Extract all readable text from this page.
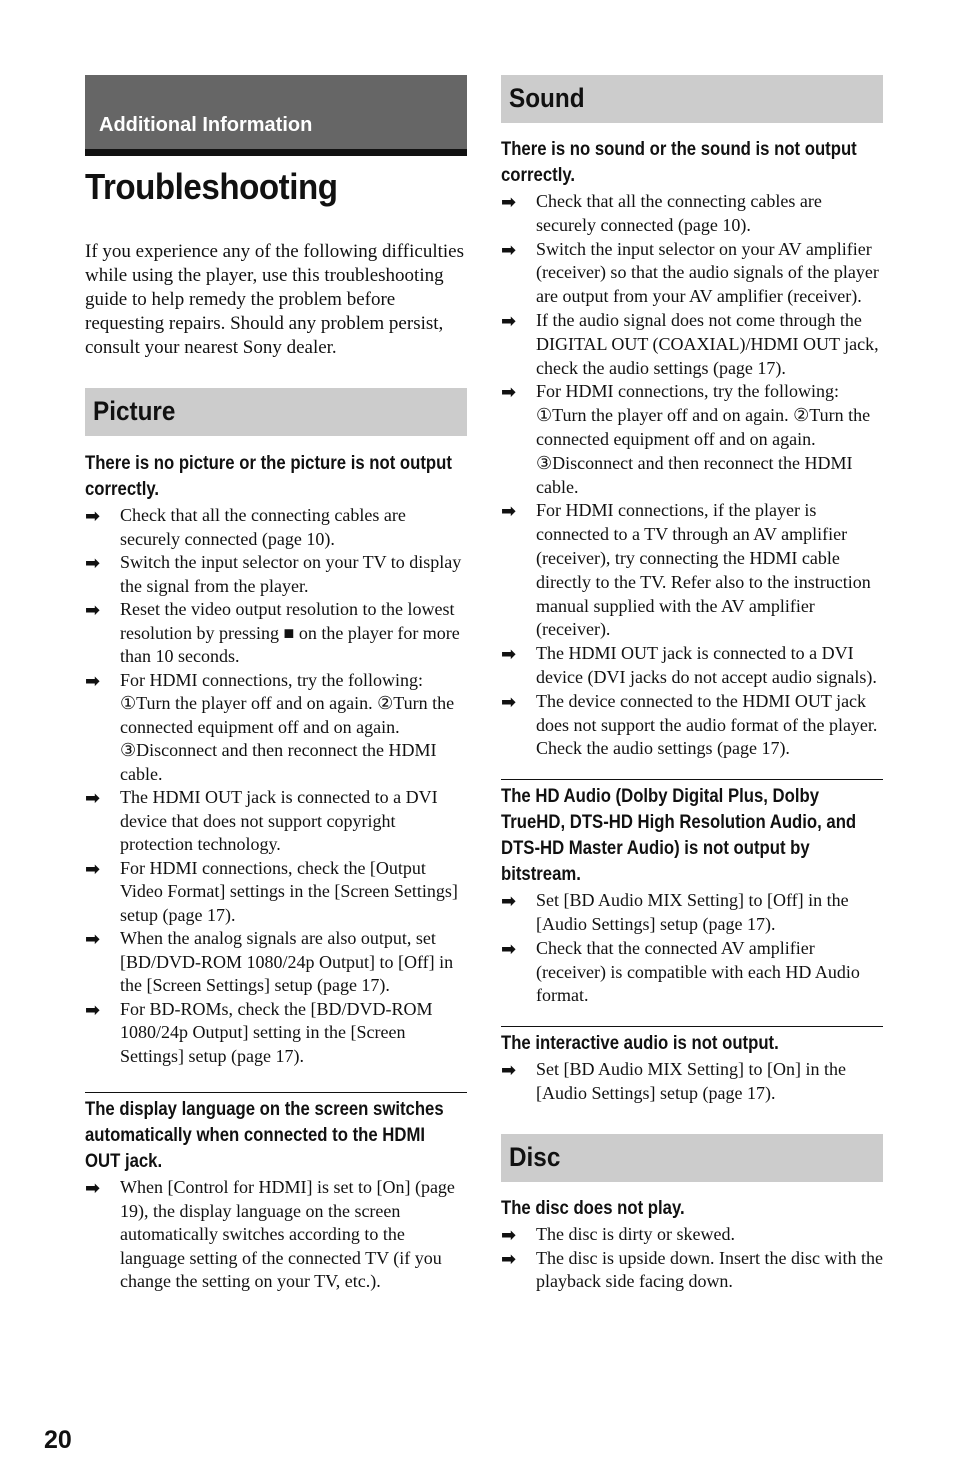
Additional Information
Troubleshooting
If you experience any of the following difficulties while using the player, use this troubleshooting guide to help remedy the problem before requesting repairs. Should any problem persist, consult your nearest Sony dealer.
Picture
There is no picture or the picture is not output correctly.
➡ Check that all the connecting cables are securely connected (page 10).
➡ Switch the input selector on your TV to display the signal from the player.
➡ Reset the video output resolution to the lowest resolution by pressing ■ on the player for more than 10 seconds.
➡ For HDMI connections, try the following: ①Turn the player off and on again. ②Turn the connected equipment off and on again. ③Disconnect and then reconnect the HDMI cable.
➡ The HDMI OUT jack is connected to a DVI device that does not support copyright protection technology.
➡ For HDMI connections, check the [Output Video Format] settings in the [Screen Settings] setup (page 17).
➡ When the analog signals are also output, set [BD/DVD-ROM 1080/24p Output] to [Off] in the [Screen Settings] setup (page 17).
➡ For BD-ROMs, check the [BD/DVD-ROM 1080/24p Output] setting in the [Screen Settings] setup (page 17).
The display language on the screen switches automatically when connected to the HDMI OUT jack.
➡ When [Control for HDMI] is set to [On] (page 19), the display language on the screen automatically switches according to the language setting of the connected TV (if you change the setting on your TV, etc.).
Sound
There is no sound or the sound is not output correctly.
➡ Check that all the connecting cables are securely connected (page 10).
➡ Switch the input selector on your AV amplifier (receiver) so that the audio signals of the player are output from your AV amplifier (receiver).
➡ If the audio signal does not come through the DIGITAL OUT (COAXIAL)/HDMI OUT jack, check the audio settings (page 17).
➡ For HDMI connections, try the following: ①Turn the player off and on again. ②Turn the connected equipment off and on again. ③Disconnect and then reconnect the HDMI cable.
➡ For HDMI connections, if the player is connected to a TV through an AV amplifier (receiver), try connecting the HDMI cable directly to the TV. Refer also to the instruction manual supplied with the AV amplifier (receiver).
➡ The HDMI OUT jack is connected to a DVI device (DVI jacks do not accept audio signals).
➡ The device connected to the HDMI OUT jack does not support the audio format of the player. Check the audio settings (page 17).
The HD Audio (Dolby Digital Plus, Dolby TrueHD, DTS-HD High Resolution Audio, and DTS-HD Master Audio) is not output by bitstream.
➡ Set [BD Audio MIX Setting] to [Off] in the [Audio Settings] setup (page 17).
➡ Check that the connected AV amplifier (receiver) is compatible with each HD Audio format.
The interactive audio is not output.
➡ Set [BD Audio MIX Setting] to [On] in the [Audio Settings] setup (page 17).
Disc
The disc does not play.
➡ The disc is dirty or skewed.
➡ The disc is upside down. Insert the disc with the playback side facing down.
20
